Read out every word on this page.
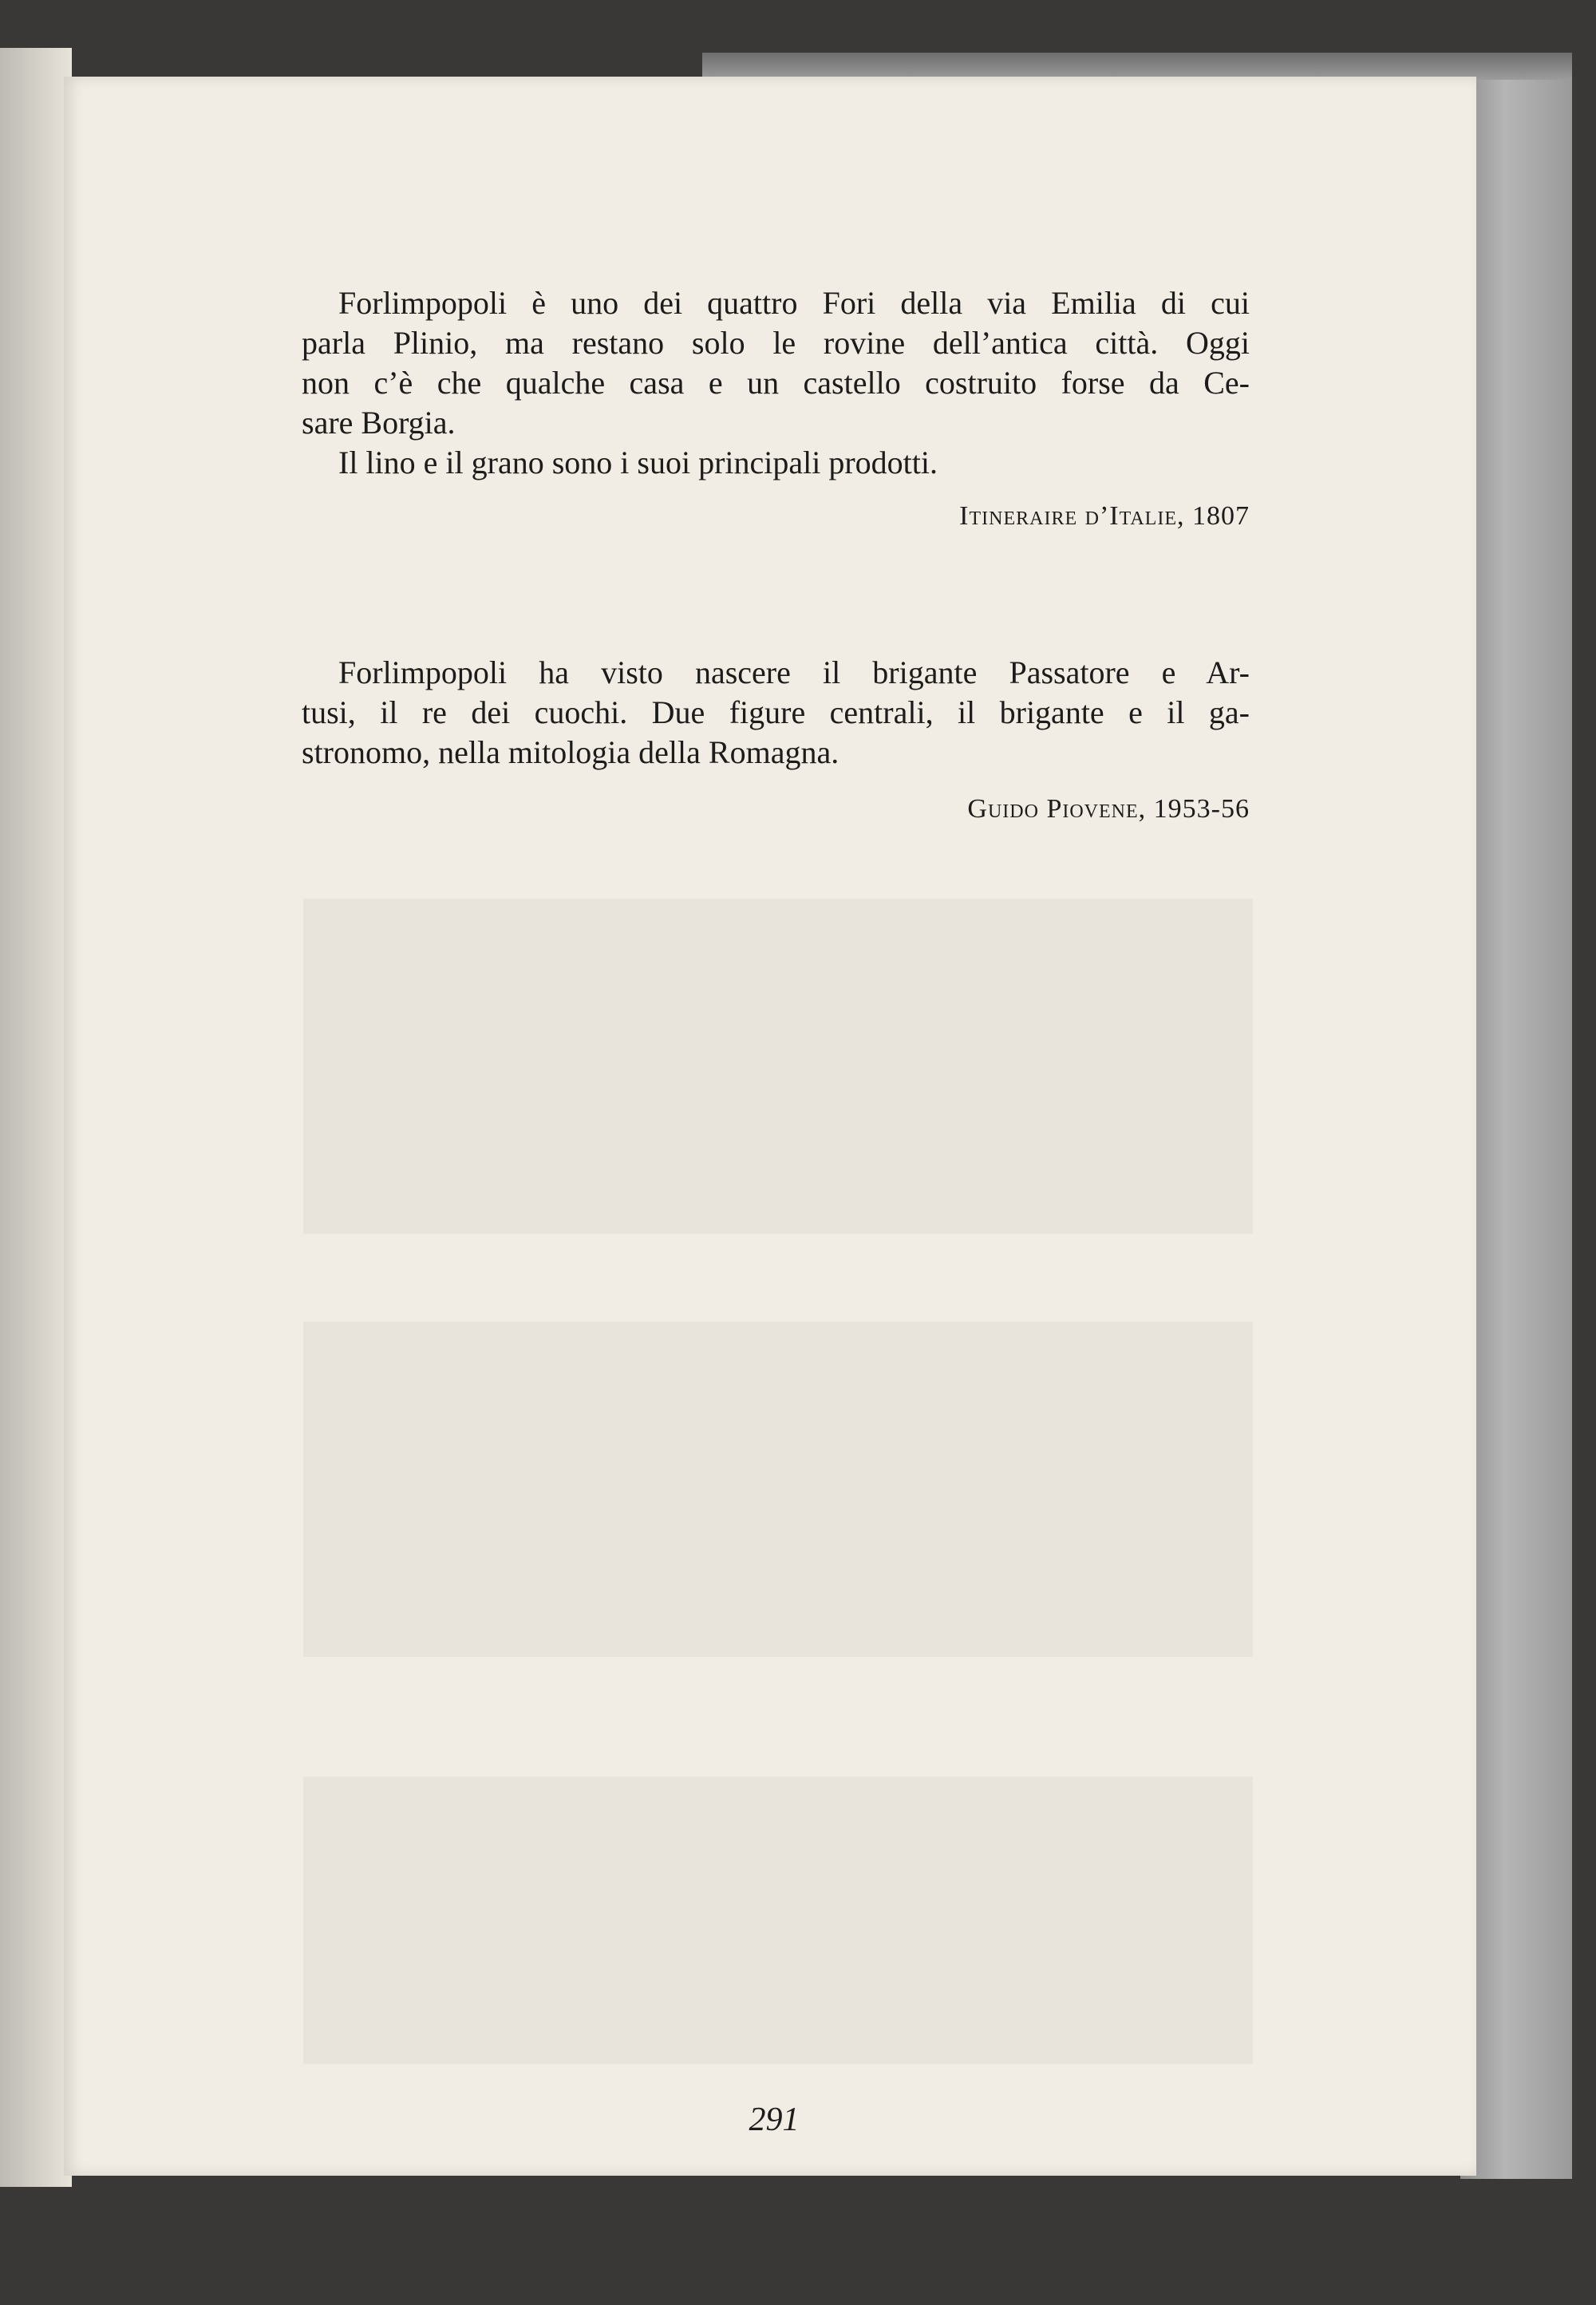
Forlimpopoli è uno dei quattro Fori della via Emilia di cui
parla Plinio, ma restano solo le rovine dell’antica città. Oggi
non c’è che qualche casa e un castello costruito forse da Ce-
sare Borgia.
Il lino e il grano sono i suoi principali prodotti.
Itineraire d’Italie, 1807
Forlimpopoli ha visto nascere il brigante Passatore e Ar-
tusi, il re dei cuochi. Due figure centrali, il brigante e il ga-
stronomo, nella mitologia della Romagna.
Guido Piovene, 1953-56
291
